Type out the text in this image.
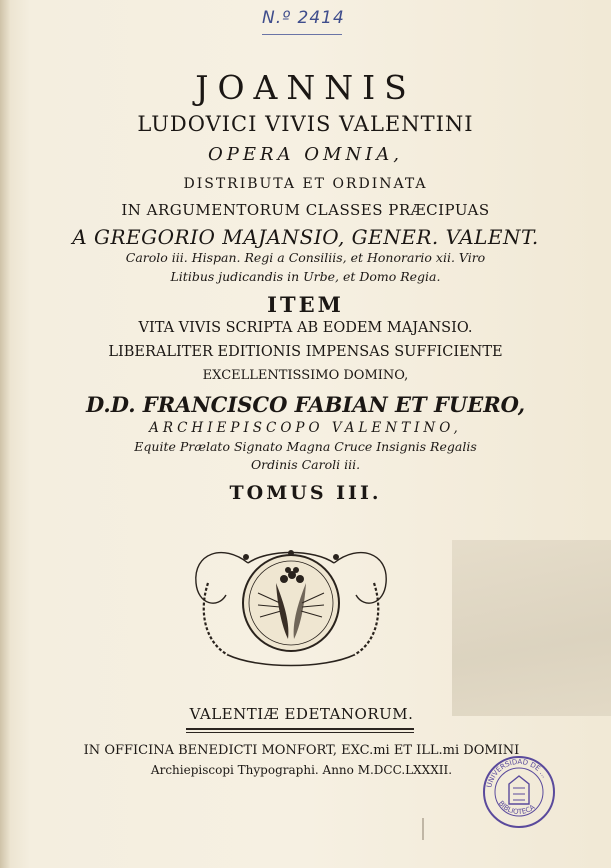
N.º 2414
JOANNIS
LUDOVICI VIVIS VALENTINI
OPERA OMNIA,
DISTRIBUTA ET ORDINATA
IN ARGUMENTORUM CLASSES PRÆCIPUAS
A GREGORIO MAJANSIO, GENER. VALENT.
Carolo iii. Hispan. Regi a Consiliis, et Honorario xii. Viro
Litibus judicandis in Urbe, et Domo Regia.
ITEM
VITA VIVIS SCRIPTA AB EODEM MAJANSIO.
LIBERALITER EDITIONIS IMPENSAS SUFFICIENTE
EXCELLENTISSIMO DOMINO,
D.D. FRANCISCO FABIAN ET FUERO,
ARCHIEPISCOPO VALENTINO,
Equite Prælato Signato Magna Cruce Insignis Regalis
Ordinis Caroli iii.
TOMUS III.
VALENTIÆ EDETANORUM.
IN OFFICINA BENEDICTI MONFORT, EXC.mi ET ILL.mi DOMINI
Archiepiscopi Thypographi. Anno M.DCC.LXXXII.
UNIVERSIDAD DE ...
BIBLIOTECA
